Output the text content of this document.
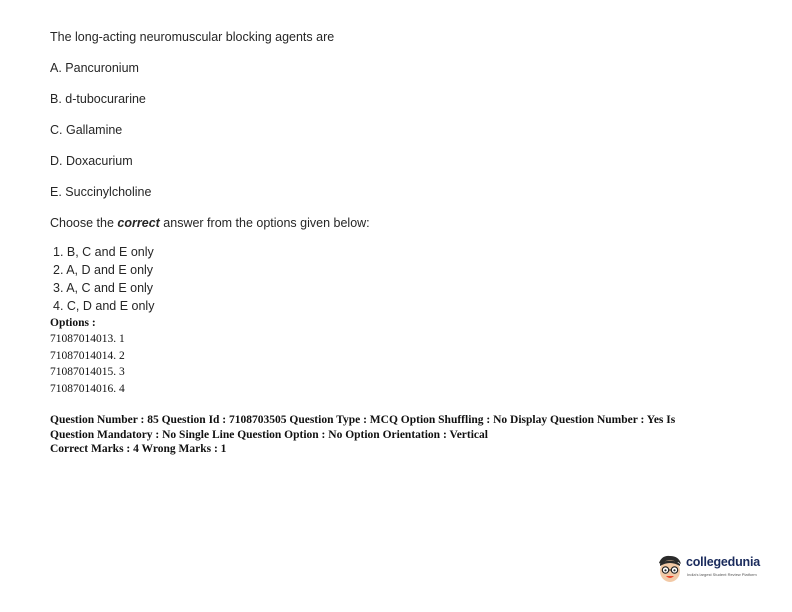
The long-acting neuromuscular blocking agents are

A. Pancuronium

B. d-tubocurarine

C. Gallamine

D. Doxacurium

E. Succinylcholine

Choose the correct answer from the options given below:

1. B, C and E only
2. A, D and E only
3. A, C and E only
4. C, D and E only
Options :
71087014013. 1
71087014014. 2
71087014015. 3
71087014016. 4
Question Number : 85 Question Id : 7108703505 Question Type : MCQ Option Shuffling : No Display Question Number : Yes Is
Question Mandatory : No Single Line Question Option : No Option Orientation : Vertical
Correct Marks : 4 Wrong Marks : 1
collegedunia
India's largest Student Review Platform
